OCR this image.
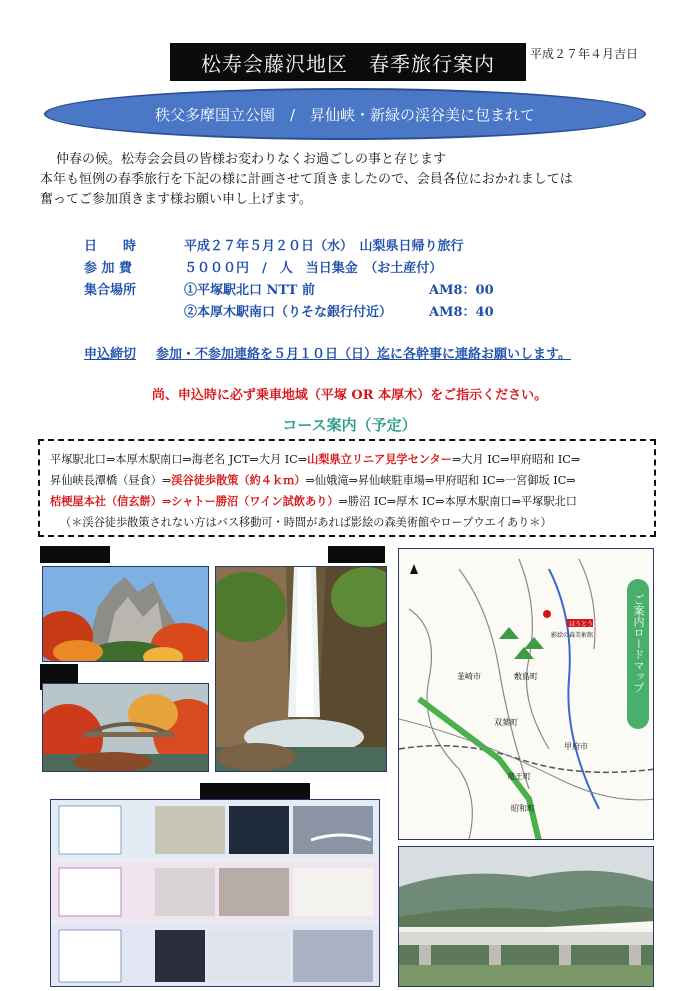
松寿会藤沢地区　春季旅行案内	平成２７年４月吉日
秩父多摩国立公園　/　昇仙峡・新緑の渓谷美に包まれて

仲春の候。松寿会会員の皆様お変わりなくお過ごしの事と存じます

本年も恒例の春季旅行を下記の様に計画させて頂きましたので、会員各位におかれましては

奮ってご参加頂きます様お願い申し上げます。

日　　時	平成２７年５月２０日（水）　山梨県日帰り旅行
参 加 費	５０００円　/　人　当日集金　（お土産付）
集合場所	①平塚駅北口 NTT 前	AM8：00
②本厚木駅南口（りそな銀行付近）	AM8：40
申込締切 参加・不参加連絡を５月１０日（日）迄に各幹事に連絡お願いします。
尚、申込時に必ず乗車地域（平塚 OR 本厚木）をご指示ください。
コース案内（予定）
平塚駅北口⇒本厚木駅南口⇒海老名 JCT⇒大月 IC⇒山梨県立リニア見学センター⇒大月 IC⇒甲府昭和 IC⇒
昇仙峡長潭橋（昼食）⇒渓谷徒歩散策（約４ｋｍ）⇒仙娥滝⇒昇仙峡駐車場⇒甲府昭和 IC⇒一宮御坂 IC⇒
桔梗屋本社（信玄餅）⇒シャトー勝沼（ワイン試飲あり）⇒勝沼 IC⇒厚木 IC⇒本厚木駅南口⇒平塚駅北口
（＊渓谷徒歩散策されない方はバス移動可・時間があれば影絵の森美術館やロープウエイあり＊）
ご案内ロードマップ
韮崎市	敷島町
双葉町
甲府市
竜王町
昭和町
ほうとう会館
影絵の森美術館
